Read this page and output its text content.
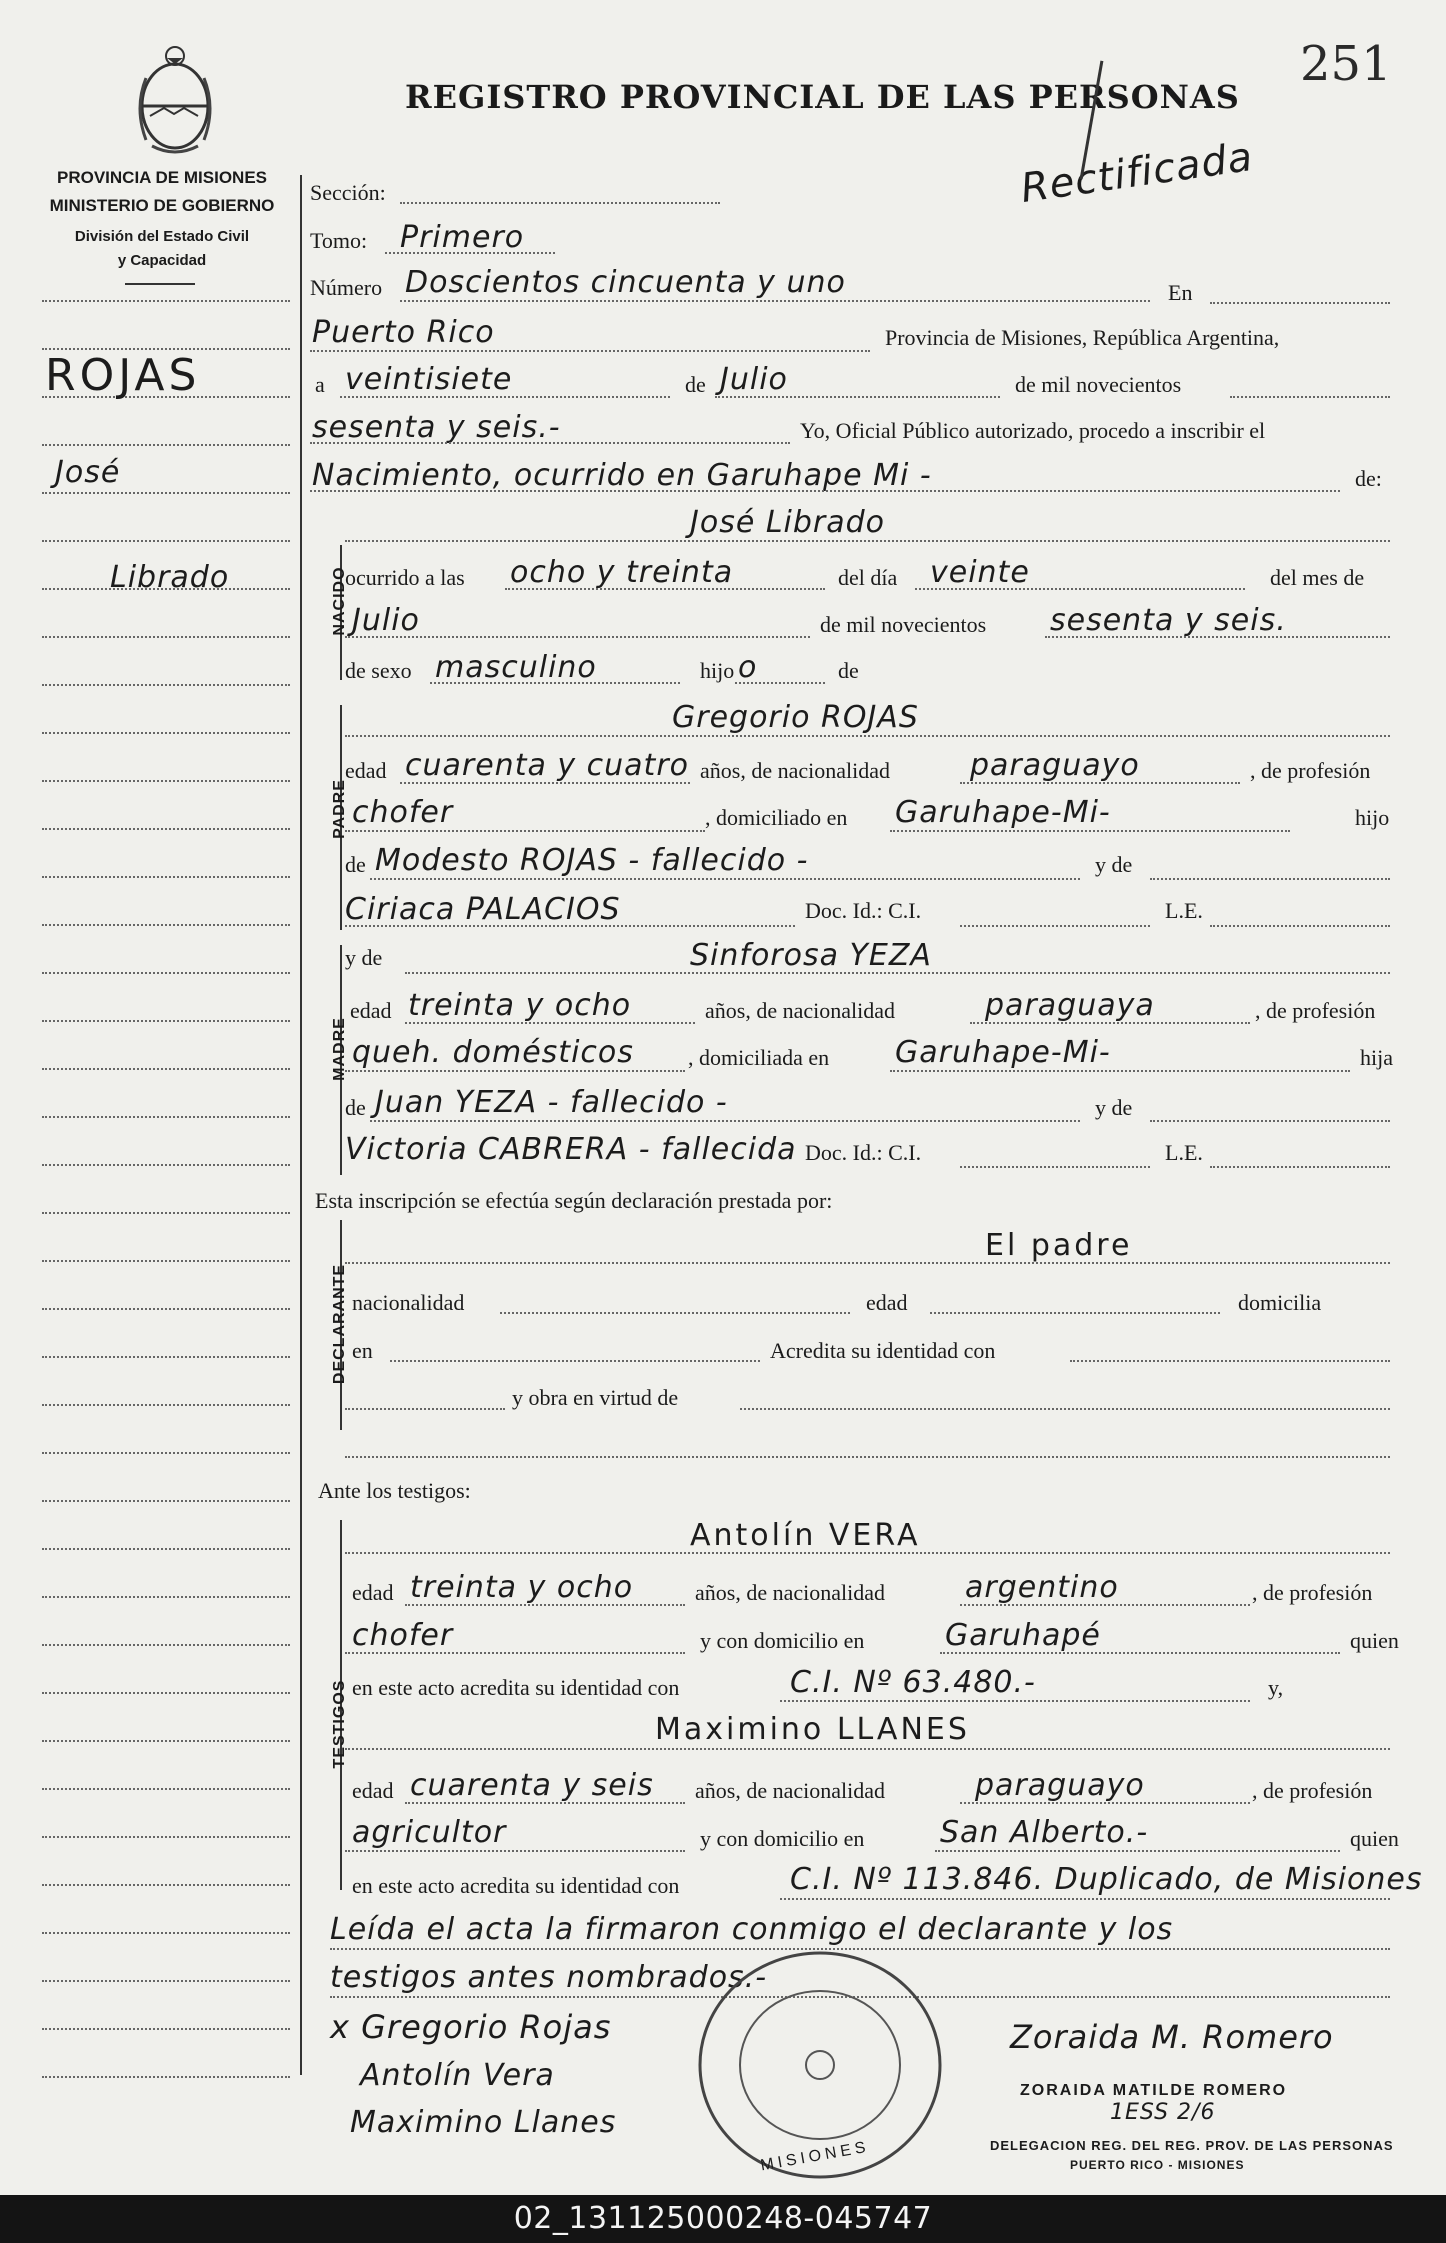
PROVINCIA DE MISIONES
MINISTERIO DE GOBIERNO
División del Estado Civil
y Capacidad
REGISTRO PROVINCIAL DE LAS PERSONAS
251
Rectificada
ROJAS
José
Librado	NACIDO
PADRE
MADRE
DECLARANTE
TESTIGOS
Sección:
Tomo: Primero
Número Doscientos cincuenta y uno	En
Puerto Rico	Provincia de Misiones, República Argentina,
a veintisiete	de Julio	de mil novecientos
sesenta y seis.-	Yo, Oficial Público autorizado, procedo a inscribir el
Nacimiento, ocurrido en Garuhape Mi -	de:
José Librado
ocurrido a las ocho y treinta	del día veinte	del mes de
Julio	de mil novecientos sesenta y seis.
de sexo masculino	hijo o	de
Gregorio ROJAS
edad cuarenta y cuatro años, de nacionalidad	paraguayo	, de profesión
chofer	, domiciliado en Garuhape-Mi-	hijo
de Modesto ROJAS - fallecido -	y de
Ciriaca PALACIOS	Doc. Id.: C.I.	L.E.
y de	Sinforosa YEZA
edad treinta y ocho	años, de nacionalidad	paraguaya	, de profesión
queh. domésticos , domiciliada en Garuhape-Mi-	hija
de Juan YEZA - fallecido -	y de
Victoria CABRERA - fallecida Doc. Id.: C.I.	L.E.
Esta inscripción se efectúa según declaración prestada por:
El padre
nacionalidad	edad	domicilia
en	Acredita su identidad con
y obra en virtud de
Ante los testigos:
Antolín VERA
edad treinta y ocho	años, de nacionalidad	argentino	, de profesión
chofer	y con domicilio en	Garuhapé	quien
en este acto acredita su identidad con	C.I. Nº 63.480.-	y,
Maximino LLANES
edad cuarenta y seis años, de nacionalidad	paraguayo	, de profesión
agricultor	y con domicilio en	San Alberto.-	quien
en este acto acredita su identidad con	C.I. Nº 113.846. Duplicado, de Misiones
Leída el acta la firmaron conmigo el declarante y los
testigos antes nombrados.-
x Gregorio Rojas
Antolín Vera
Maximino Llanes
Zoraida M. Romero
MISIONES
ZORAIDA MATILDE ROMERO
1ESS 2/6
DELEGACION REG. DEL REG. PROV. DE LAS PERSONAS
PUERTO RICO - MISIONES
02_131125000248-045747
